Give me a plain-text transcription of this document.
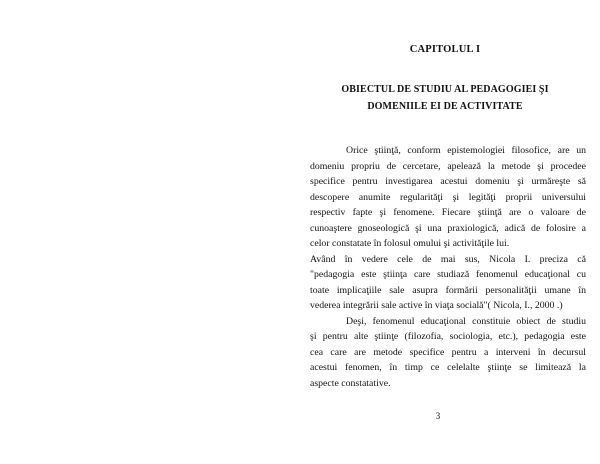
CAPITOLUL I
OBIECTUL DE STUDIU AL PEDAGOGIEI ŞI
DOMENIILE EI DE ACTIVITATE

Orice ştiinţă, conform epistemologiei filosofice, are un
domeniu propriu de cercetare, apelează la metode şi procedee
specifice pentru investigarea acestui domeniu şi urmăreşte să
descopere anumite regularităţi şi legităţi proprii universului
respectiv fapte şi fenomene. Fiecare ştiinţă are o valoare de
cunoaştere gnoseologică şi una praxiologică, adică de folosire a
celor constatate în folosul omului şi activităţile lui.

Având în vedere cele de mai sus, Nicola I. preciza că
"pedagogia este ştiinţa care studiază fenomenul educaţional cu
toate implicaţiile sale asupra formării personalităţii umane în
vederea integrării sale active în viaţa socială"( Nicola, I., 2000 .)

Deşi, fenomenul educaţional constituie obiect de studiu
şi pentru alte ştiinţe (filozofia, sociologia, etc.), pedagogia este
cea care are metode specifice pentru a interveni în decursul
acestui fenomen, în timp ce celelalte ştiinţe se limitează la
aspecte constatative.

3
